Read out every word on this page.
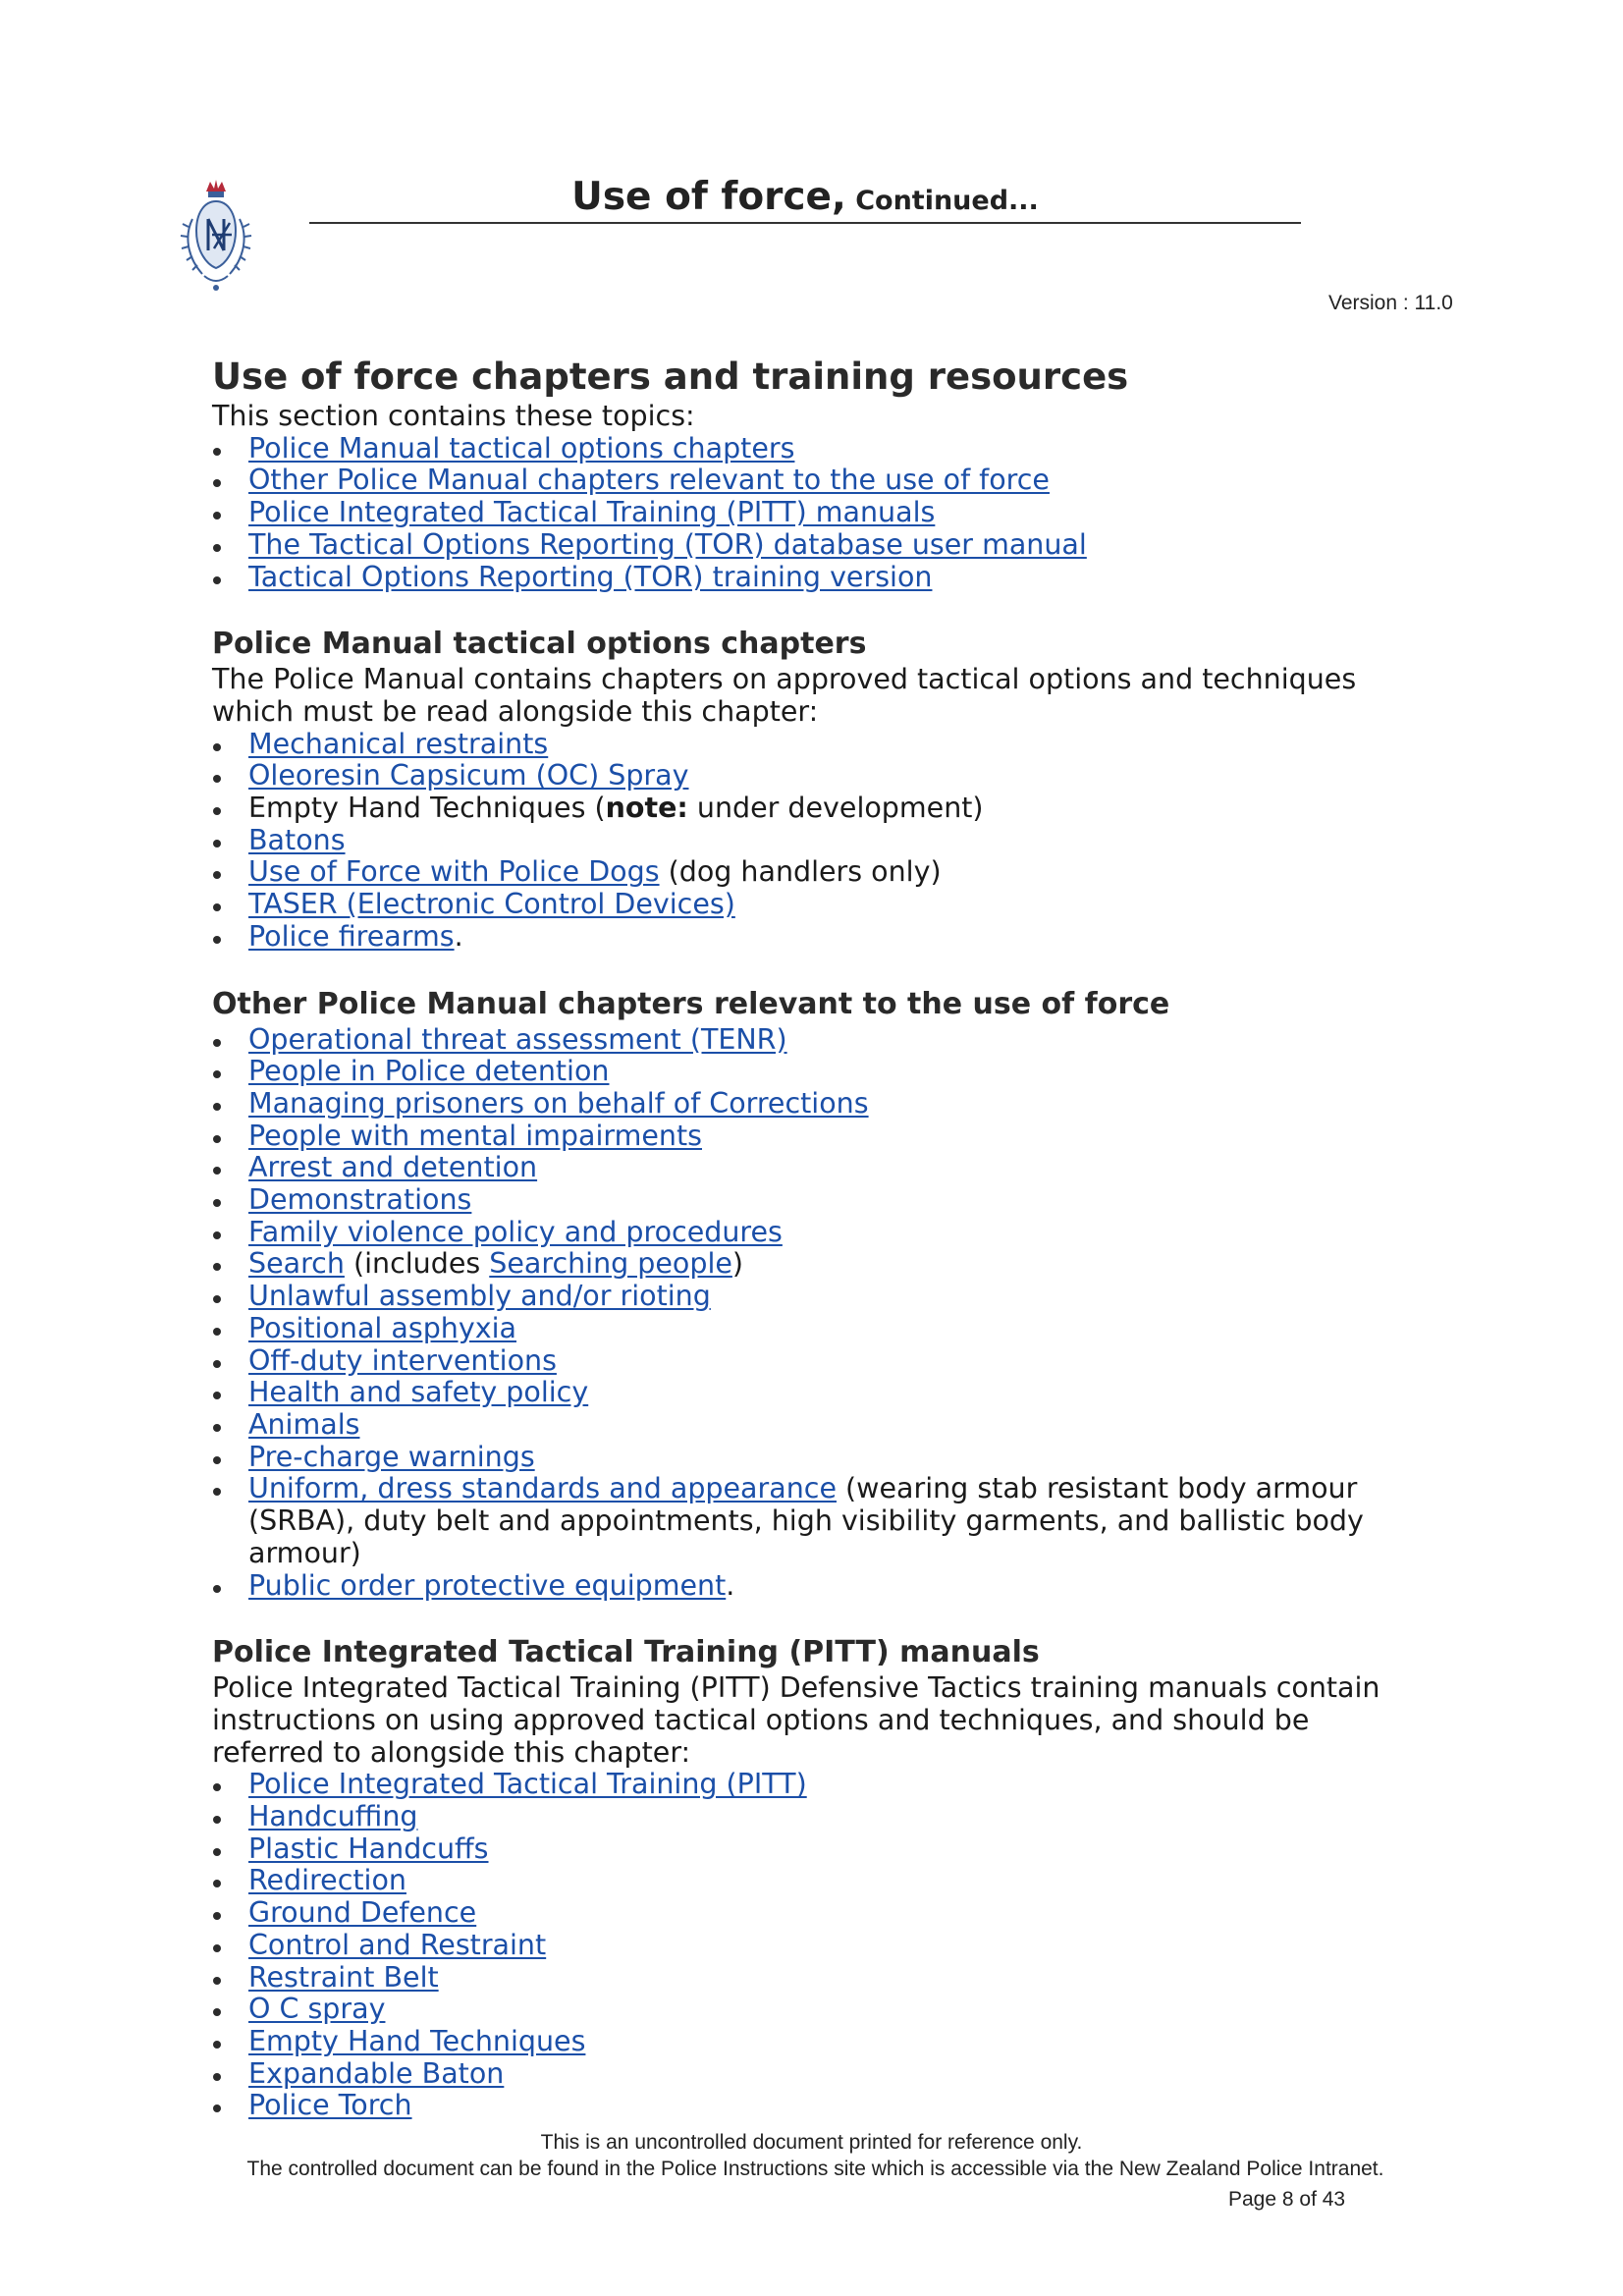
Use of force, Continued...
Version : 11.0
Use of force chapters and training resources

This section contains these topics:

Police Manual tactical options chapters
Other Police Manual chapters relevant to the use of force
Police Integrated Tactical Training (PITT) manuals
The Tactical Options Reporting (TOR) database user manual
Tactical Options Reporting (TOR) training version
Police Manual tactical options chapters

The Police Manual contains chapters on approved tactical options and techniques which must be read alongside this chapter:

Mechanical restraints
Oleoresin Capsicum (OC) Spray
Empty Hand Techniques (note: under development)
Batons
Use of Force with Police Dogs (dog handlers only)
TASER (Electronic Control Devices)
Police firearms.
Other Police Manual chapters relevant to the use of force
Operational threat assessment (TENR)
People in Police detention
Managing prisoners on behalf of Corrections
People with mental impairments
Arrest and detention
Demonstrations
Family violence policy and procedures
Search (includes Searching people)
Unlawful assembly and/or rioting
Positional asphyxia
Off-duty interventions
Health and safety policy
Animals
Pre-charge warnings
Uniform, dress standards and appearance (wearing stab resistant body armour (SRBA), duty belt and appointments, high visibility garments, and ballistic body armour)
Public order protective equipment.
Police Integrated Tactical Training (PITT) manuals

Police Integrated Tactical Training (PITT) Defensive Tactics training manuals contain instructions on using approved tactical options and techniques, and should be referred to alongside this chapter:

Police Integrated Tactical Training (PITT)
Handcuffing
Plastic Handcuffs
Redirection
Ground Defence
Control and Restraint
Restraint Belt
O C spray
Empty Hand Techniques
Expandable Baton
Police Torch
This is an uncontrolled document printed for reference only.
The controlled document can be found in the Police Instructions site which is accessible via the New Zealand Police Intranet.
Page 8 of 43
